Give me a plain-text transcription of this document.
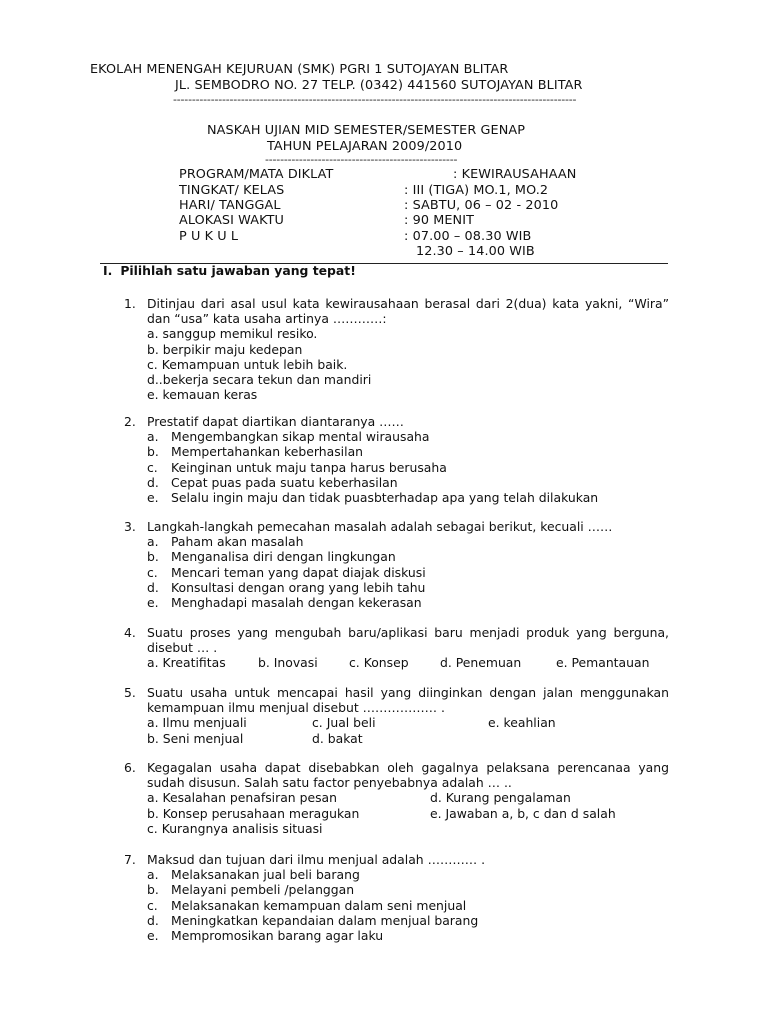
EKOLAH MENENGAH KEJURUAN (SMK) PGRI 1 SUTOJAYAN BLITAR
JL. SEMBODRO NO. 27 TELP. (0342) 441560 SUTOJAYAN BLITAR
-----------------------------------------------------------------------------------------------------------
NASKAH UJIAN MID SEMESTER/SEMESTER GENAP
TAHUN PELAJARAN 2009/2010
---------------------------------------------------
PROGRAM/MATA DIKLAT	: KEWIRAUSAHAAN
TINGKAT/ KELAS	: III (TIGA) MO.1, MO.2
HARI/ TANGGAL	: SABTU, 06 – 02 - 2010
ALOKASI WAKTU	: 90 MENIT
P U K U L	: 07.00 – 08.30 WIB
12.30 – 14.00 WIB
I. Pilihlah satu jawaban yang tepat!
1. Ditinjau dari asal usul kata kewirausahaan berasal dari 2(dua) kata yakni, “Wira” dan “usa” kata usaha artinya …………:
a. sanggup memikul resiko.
b. berpikir maju kedepan
c. Kemampuan untuk lebih baik.
d..bekerja secara tekun dan mandiri
e. kemauan keras
2. Prestatif dapat diartikan diantaranya ……
a. Mengembangkan sikap mental wirausaha
b. Mempertahankan keberhasilan
c. Keinginan untuk maju tanpa harus berusaha
d. Cepat puas pada suatu keberhasilan
e. Selalu ingin maju dan tidak puasbterhadap apa yang telah dilakukan
3. Langkah-langkah pemecahan masalah adalah sebagai berikut, kecuali ……
a. Paham akan masalah
b. Menganalisa diri dengan lingkungan
c. Mencari teman yang dapat diajak diskusi
d. Konsultasi dengan orang yang lebih tahu
e. Menghadapi masalah dengan kekerasan
4. Suatu proses yang mengubah baru/aplikasi baru menjadi produk yang berguna, disebut … .
a. Kreatifitas	b. Inovasi	c. Konsep	d. Penemuan	e. Pemantauan
5. Suatu usaha untuk mencapai hasil yang diinginkan dengan jalan menggunakan kemampuan ilmu menjual disebut ……………… .
a. Ilmu menjuali	c. Jual beli	e. keahlian
b. Seni menjual	d. bakat
6. Kegagalan usaha dapat disebabkan oleh gagalnya pelaksana perencanaa yang sudah disusun. Salah satu factor penyebabnya adalah … ..
a. Kesalahan penafsiran pesan	d. Kurang pengalaman
b. Konsep perusahaan meragukan	e. Jawaban a, b, c dan d salah
c. Kurangnya analisis situasi
7. Maksud dan tujuan dari ilmu menjual adalah ………… .
a. Melaksanakan jual beli barang
b. Melayani pembeli /pelanggan
c. Melaksanakan kemampuan dalam seni menjual
d. Meningkatkan kepandaian dalam menjual barang
e. Mempromosikan barang agar laku
